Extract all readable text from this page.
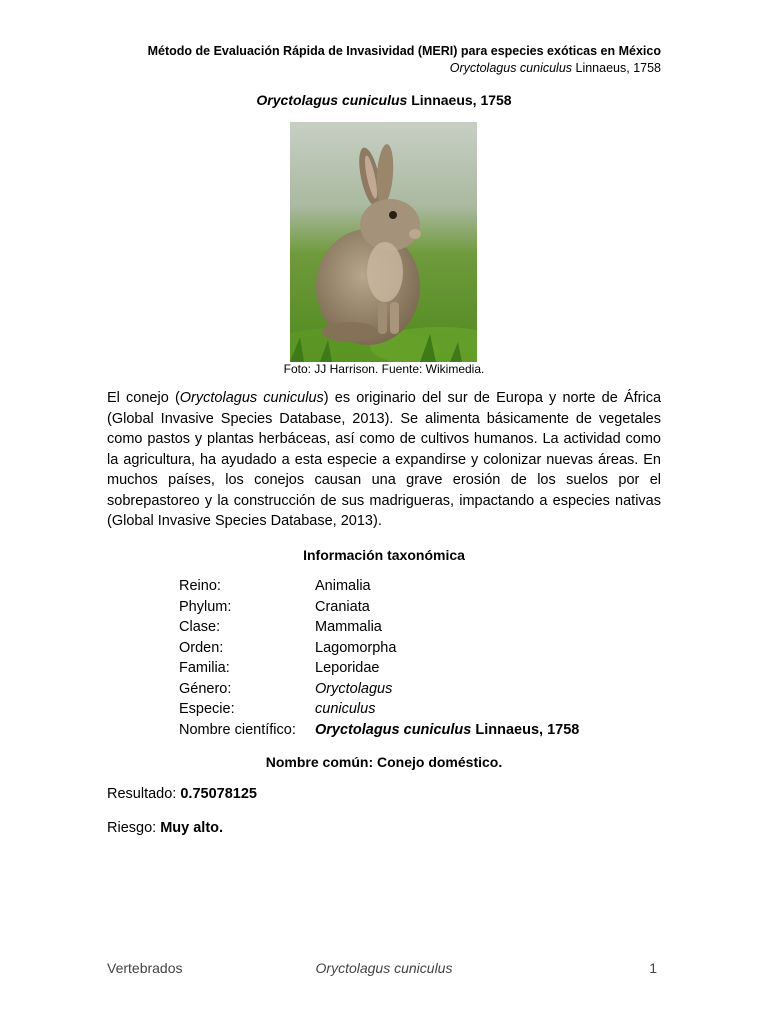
Método de Evaluación Rápida de Invasividad (MERI) para especies exóticas en México
Oryctolagus cuniculus Linnaeus, 1758
Oryctolagus cuniculus Linnaeus, 1758
Foto: JJ Harrison. Fuente: Wikimedia.

El conejo (Oryctolagus cuniculus) es originario del sur de Europa y norte de África (Global Invasive Species Database, 2013). Se alimenta básicamente de vegetales como pastos y plantas herbáceas, así como de cultivos humanos. La actividad como la agricultura, ha ayudado a esta especie a expandirse y colonizar nuevas áreas. En muchos países, los conejos causan una grave erosión de los suelos por el sobrepastoreo y la construcción de sus madrigueras, impactando a especies nativas (Global Invasive Species Database, 2013).

Información taxonómica
Reino:	Animalia
Phylum:	Craniata
Clase:	Mammalia
Orden:	Lagomorpha
Familia:	Leporidae
Género:	Oryctolagus
Especie:	cuniculus
Nombre científico:	Oryctolagus cuniculus Linnaeus, 1758
Nombre común: Conejo doméstico.
Resultado: 0.75078125
Riesgo: Muy alto.
Vertebrados	Oryctolagus cuniculus	1
